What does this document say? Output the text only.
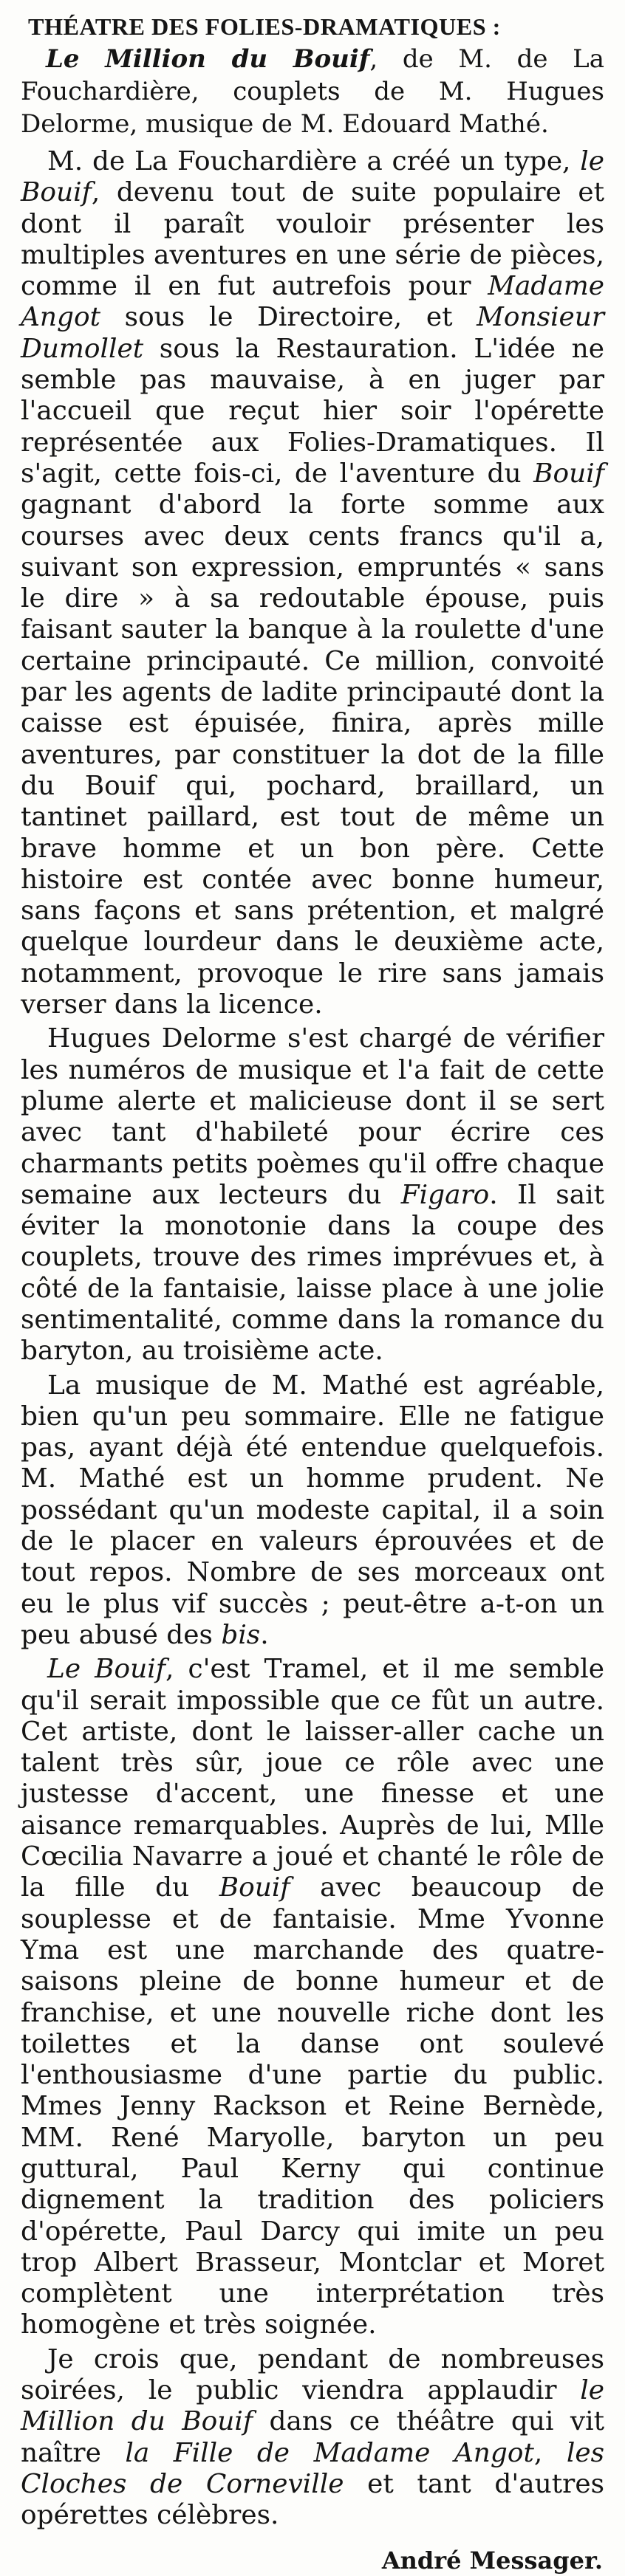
THÉATRE DES FOLIES-DRAMATIQUES :

Le Million du Bouif, de M. de La Fouchardière, couplets de M. Hugues Delorme, musique de M. Edouard Mathé.

M. de La Fouchardière a créé un type, le Bouif, devenu tout de suite populaire et dont il paraît vouloir présenter les multiples aventures en une série de pièces, comme il en fut autrefois pour Madame Angot sous le Directoire, et Monsieur Dumollet sous la Restauration. L'idée ne semble pas mauvaise, à en juger par l'accueil que reçut hier soir l'opérette représentée aux Folies-Dramatiques. Il s'agit, cette fois-ci, de l'aventure du Bouif gagnant d'abord la forte somme aux courses avec deux cents francs qu'il a, suivant son expression, empruntés « sans le dire » à sa redoutable épouse, puis faisant sauter la banque à la roulette d'une certaine principauté. Ce million, convoité par les agents de ladite principauté dont la caisse est épuisée, finira, après mille aventures, par constituer la dot de la fille du Bouif qui, pochard, braillard, un tantinet paillard, est tout de même un brave homme et un bon père. Cette histoire est contée avec bonne humeur, sans façons et sans prétention, et malgré quelque lourdeur dans le deuxième acte, notamment, provoque le rire sans jamais verser dans la licence.

Hugues Delorme s'est chargé de vérifier les numéros de musique et l'a fait de cette plume alerte et malicieuse dont il se sert avec tant d'habileté pour écrire ces charmants petits poèmes qu'il offre chaque semaine aux lecteurs du Figaro. Il sait éviter la monotonie dans la coupe des couplets, trouve des rimes imprévues et, à côté de la fantaisie, laisse place à une jolie sentimentalité, comme dans la romance du baryton, au troisième acte.

La musique de M. Mathé est agréable, bien qu'un peu sommaire. Elle ne fatigue pas, ayant déjà été entendue quelquefois. M. Mathé est un homme prudent. Ne possédant qu'un modeste capital, il a soin de le placer en valeurs éprouvées et de tout repos. Nombre de ses morceaux ont eu le plus vif succès ; peut-être a-t-on un peu abusé des bis.

Le Bouif, c'est Tramel, et il me semble qu'il serait impossible que ce fût un autre. Cet artiste, dont le laisser-aller cache un talent très sûr, joue ce rôle avec une justesse d'accent, une finesse et une aisance remarquables. Auprès de lui, Mlle Cœcilia Navarre a joué et chanté le rôle de la fille du Bouif avec beaucoup de souplesse et de fantaisie. Mme Yvonne Yma est une marchande des quatre-saisons pleine de bonne humeur et de franchise, et une nouvelle riche dont les toilettes et la danse ont soulevé l'enthousiasme d'une partie du public. Mmes Jenny Rackson et Reine Bernède, MM. René Maryolle, baryton un peu guttural, Paul Kerny qui continue dignement la tradition des policiers d'opérette, Paul Darcy qui imite un peu trop Albert Brasseur, Montclar et Moret complètent une interprétation très homogène et très soignée.

Je crois que, pendant de nombreuses soirées, le public viendra applaudir le Million du Bouif dans ce théâtre qui vit naître la Fille de Madame Angot, les Cloches de Corneville et tant d'autres opérettes célèbres.

André Messager.
